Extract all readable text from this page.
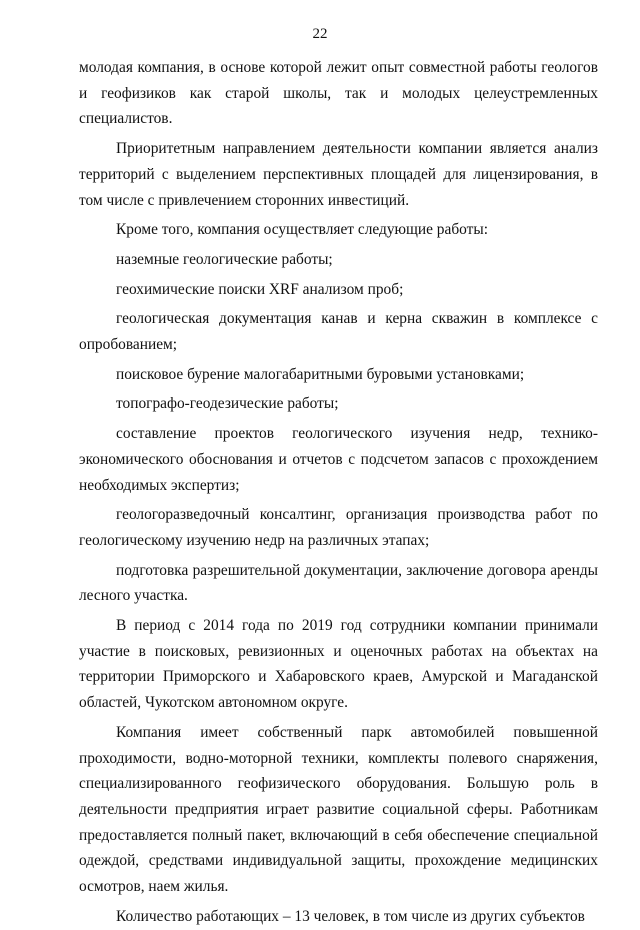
22

молодая компания, в основе которой лежит опыт совместной работы геологов и геофизиков как старой школы, так и молодых целеустремленных специалистов.

Приоритетным направлением деятельности компании является анализ территорий с выделением перспективных площадей для лицензирования, в том числе с привлечением сторонних инвестиций.

Кроме того, компания осуществляет следующие работы:

наземные геологические работы;

геохимические поиски XRF анализом проб;

геологическая документация канав и керна скважин в комплексе с опробованием;

поисковое бурение малогабаритными буровыми установками;

топографо-геодезические работы;

составление проектов геологического изучения недр, технико-экономического обоснования и отчетов с подсчетом запасов с прохождением необходимых экспертиз;

геологоразведочный консалтинг, организация производства работ по геологическому изучению недр на различных этапах;

подготовка разрешительной документации, заключение договора аренды лесного участка.

В период с 2014 года по 2019 год сотрудники компании принимали участие в поисковых, ревизионных и оценочных работах на объектах на территории Приморского и Хабаровского краев, Амурской и Магаданской областей, Чукотском автономном округе.

Компания имеет собственный парк автомобилей повышенной проходимости, водно-моторной техники, комплекты полевого снаряжения, специализированного геофизического оборудования. Большую роль в деятельности предприятия играет развитие социальной сферы. Работникам предоставляется полный пакет, включающий в себя обеспечение специальной одеждой, средствами индивидуальной защиты, прохождение медицинских осмотров, наем жилья.

Количество работающих – 13 человек, в том числе из других субъектов
